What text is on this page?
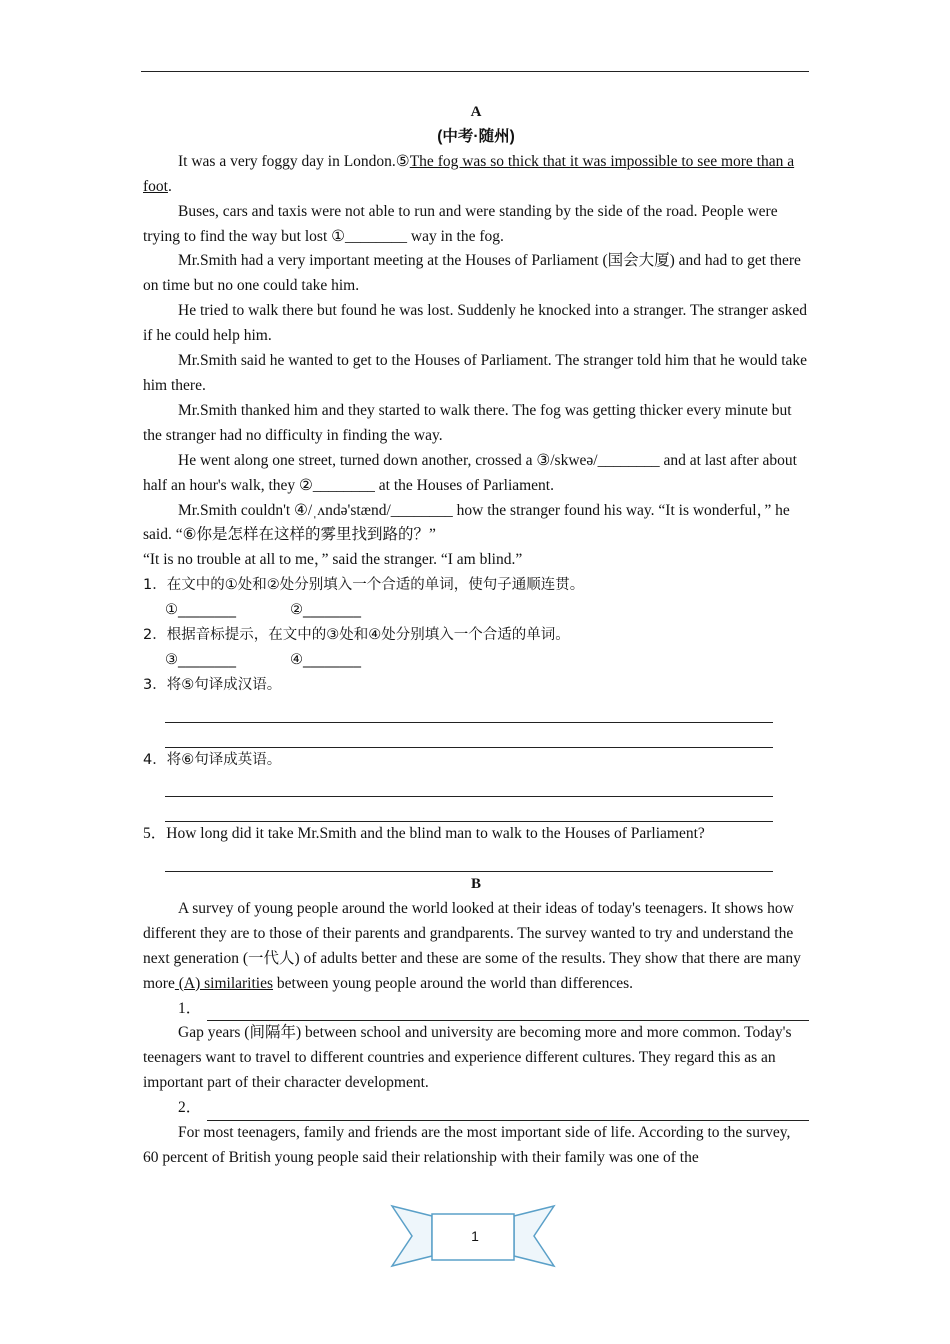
A

(中考·随州)

It was a very foggy day in London.⑤The fog was so thick that it was impossible to see more than a foot.

Buses, cars and taxis were not able to run and were standing by the side of the road. People were trying to find the way but lost ①________ way in the fog.

Mr.Smith had a very important meeting at the Houses of Parliament (国会大厦) and had to get there on time but no one could take him.

He tried to walk there but found he was lost. Suddenly he knocked into a stranger. The stranger asked if he could help him.

Mr.Smith said he wanted to get to the Houses of Parliament. The stranger told him that he would take him there.

Mr.Smith thanked him and they started to walk there. The fog was getting thicker every minute but the stranger had no difficulty in finding the way.

He went along one street, turned down another, crossed a ③/skweə/________ and at last after about half an hour's walk, they ②________ at the Houses of Parliament.

Mr.Smith couldn't ④/ˌʌndə'stænd/________ how the stranger found his way. “It is wonderful，” he said. “⑥你是怎样在这样的雾里找到路的？”

“It is no trouble at all to me，” said the stranger. “I am blind.”

1．在文中的①处和②处分别填入一个合适的单词，使句子通顺连贯。

①________	②________

2．根据音标提示，在文中的③处和④处分别填入一个合适的单词。

③________	④________

3．将⑤句译成汉语。

4．将⑥句译成英语。

5．How long did it take Mr.Smith and the blind man to walk to the Houses of Parliament?

B

A survey of young people around the world looked at their ideas of today's teenagers. It shows how different they are to those of their parents and grandparents. The survey wanted to try and understand the next generation (一代人) of adults better and these are some of the results. They show that there are many more (A) similarities between young people around the world than differences.

1．

Gap years (间隔年) between school and university are becoming more and more common. Today's teenagers want to travel to different countries and experience different cultures. They regard this as an important part of their character development.

2．

For most teenagers, family and friends are the most important side of life. According to the survey, 60 percent of British young people said their relationship with their family was one of the

1
